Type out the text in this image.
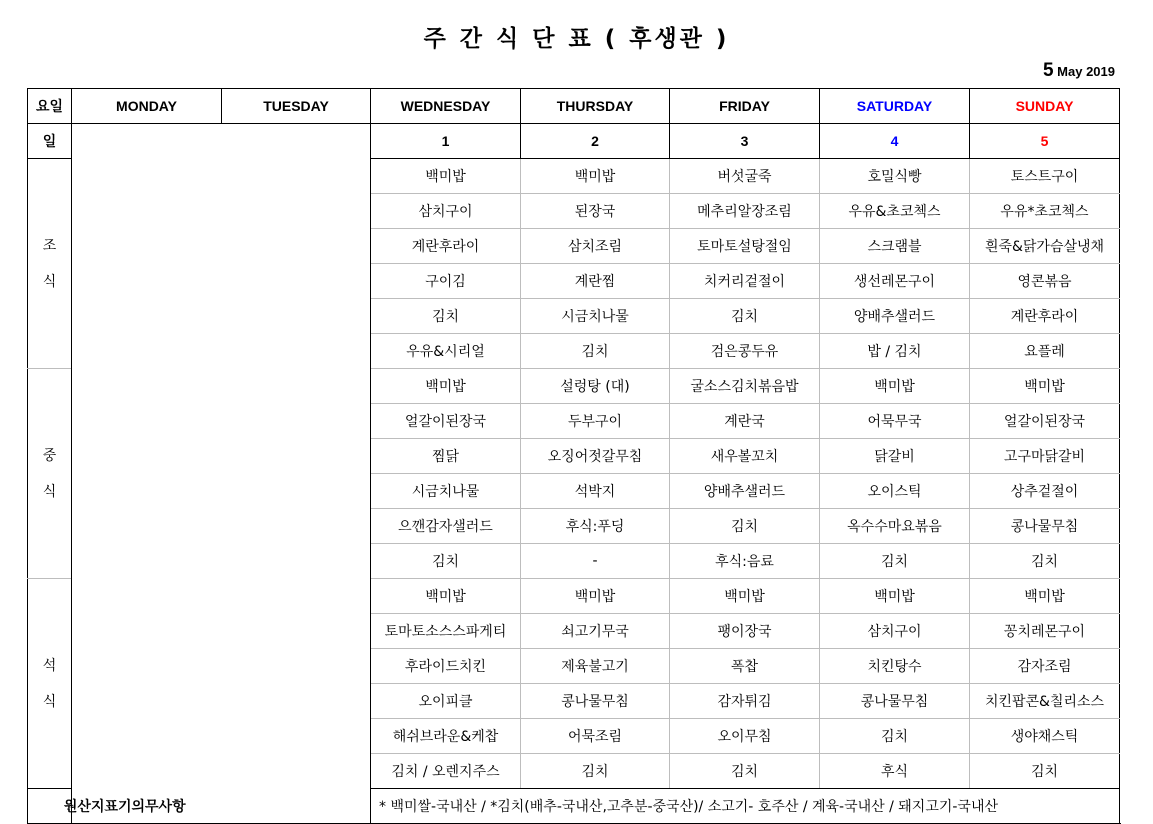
주 간 식 단 표 ( 후생관 )
5 May 2019
요일	MONDAY	TUESDAY	WEDNESDAY	THURSDAY	FRIDAY	SATURDAY	SUNDAY
일			1	2	3	4	5

조
식			백미밥	백미밥	버섯굴죽	호밀식빵	토스트구이
			삼치구이	된장국	메추리알장조림	우유&초코첵스	우유*초코첵스
			계란후라이	삼치조림	토마토설탕절임	스크램블	흰죽&닭가슴살냉채
			구이김	계란찜	치커리겉절이	생선레몬구이	영콘볶음
			김치	시금치나물	김치	양배추샐러드	계란후라이
			우유&시리얼	김치	검은콩두유	밥 / 김치	요플레

중
식			백미밥	설렁탕 (대)	굴소스김치볶음밥	백미밥	백미밥
			얼갈이된장국	두부구이	계란국	어묵무국	얼갈이된장국
			찜닭	오징어젓갈무침	새우볼꼬치	닭갈비	고구마닭갈비
			시금치나물	석박지	양배추샐러드	오이스틱	상추겉절이
			으깬감자샐러드	후식:푸딩	김치	옥수수마요볶음	콩나물무침
			김치	-	후식:음료	김치	김치

석
식			백미밥	백미밥	백미밥	백미밥	백미밥
			토마토소스스파게티	쇠고기무국	팽이장국	삼치구이	꽁치레몬구이
			후라이드치킨	제육불고기	폭찹	치킨탕수	감자조림
			오이피클	콩나물무침	감자튀김	콩나물무침	치킨팝콘&칠리소스
			해쉬브라운&케찹	어묵조림	오이무침	김치	생야채스틱
			김치 / 오렌지주스	김치	김치	후식	김치
원산지표기의무사항			* 백미쌀-국내산 / *김치(배추-국내산,고추분-중국산)/ 소고기- 호주산 / 계육-국내산 / 돼지고기-국내산				
